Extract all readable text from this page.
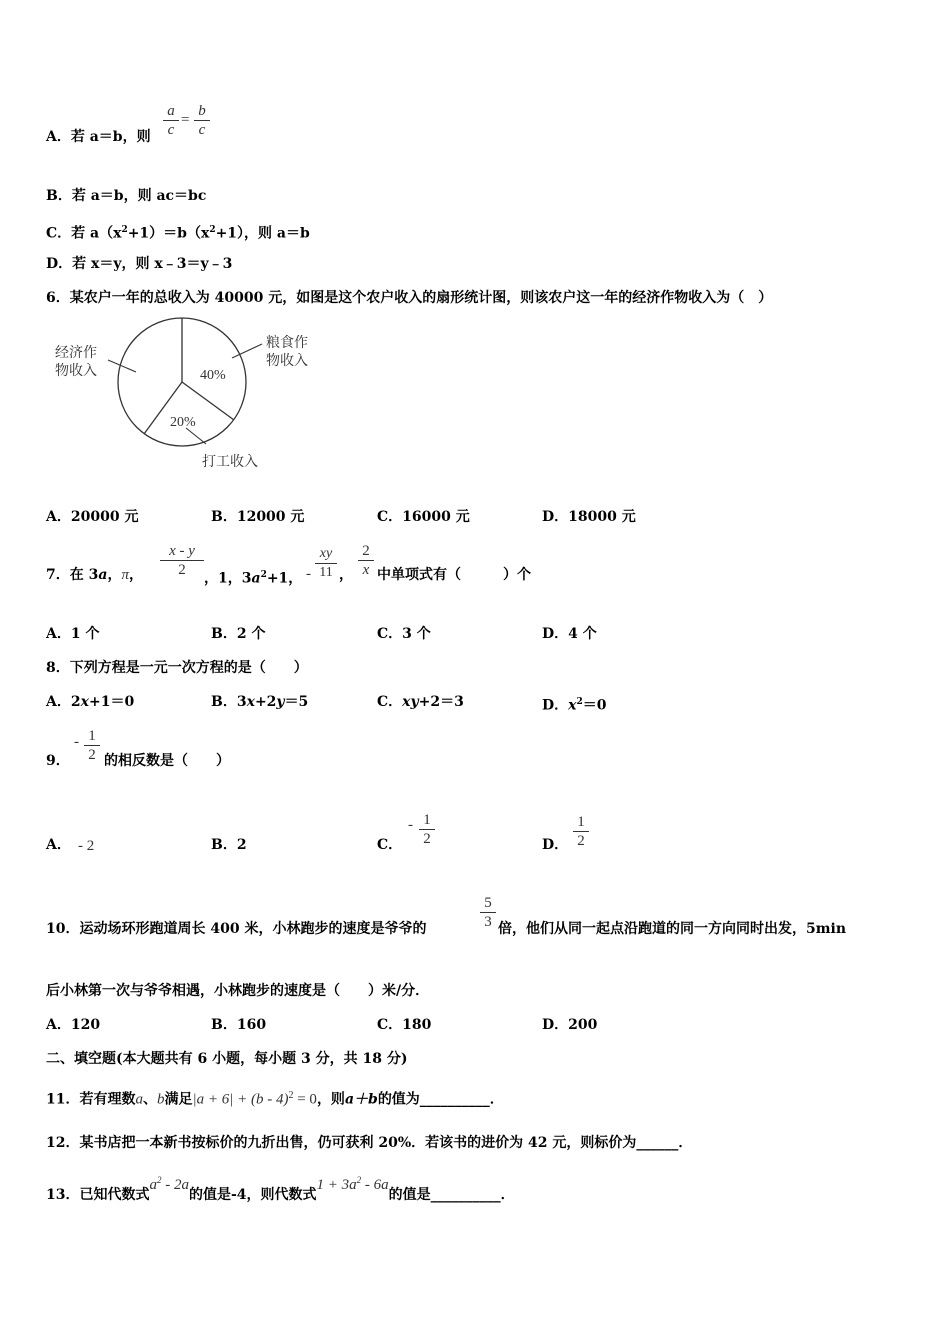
A．若 a＝b，则
a
c
=
b
c
B．若 a＝b，则 ac＝bc
C．若 $a(x^2+1)=b(x^2+1)$，则 a＝b
D．若 x＝y，则 x﹣3＝y﹣3
6．某农户一年的总收入为 40000 元，如图是这个农户收入的扇形统计图，则该农户这一年的经济作物收入为（　）
经济作
物收入
粮食作
物收入
40%
20%
打工收入
A．20000 元	B．12000 元	C．16000 元	D．18000 元
7．在 3a，π，
x - y
2
，1，$3a^2+1$， -
xy
11 ，
2
x 中单项式有（　　　）个
A．1 个	B．2 个	C．3 个	D．4 个
8．下列方程是一元一次方程的是（　　）
A．2x+1＝0	B．3x+2y＝5	C．xy+2＝3	D．$x^2=0$
9．
- 1
2 的相反数是（　　）
A． - 2	B．2	C．
- 1
2	D．
1
2
10．运动场环形跑道周长 400 米，小林跑步的速度是爷爷的
5
3 倍，他们从同一起点沿跑道的同一方向同时出发，5min
后小林第一次与爷爷相遇，小林跑步的速度是（　　）米/分．
A．120	B．160	C．180	D．200
二、填空题(本大题共有 6 小题，每小题 3 分，共 18 分)
11．若有理数a、b满足|a + 6| + (b - 4)$^2$ = 0，则a＋b的值为__________．
12．某书店把一本新书按标价的九折出售，仍可获利 20%．若该书的进价为 42 元，则标价为______．
13．已知代数式$a^2 - 2a$的值是-4，则代数式$1 + 3a^2 - 6a$的值是__________．
